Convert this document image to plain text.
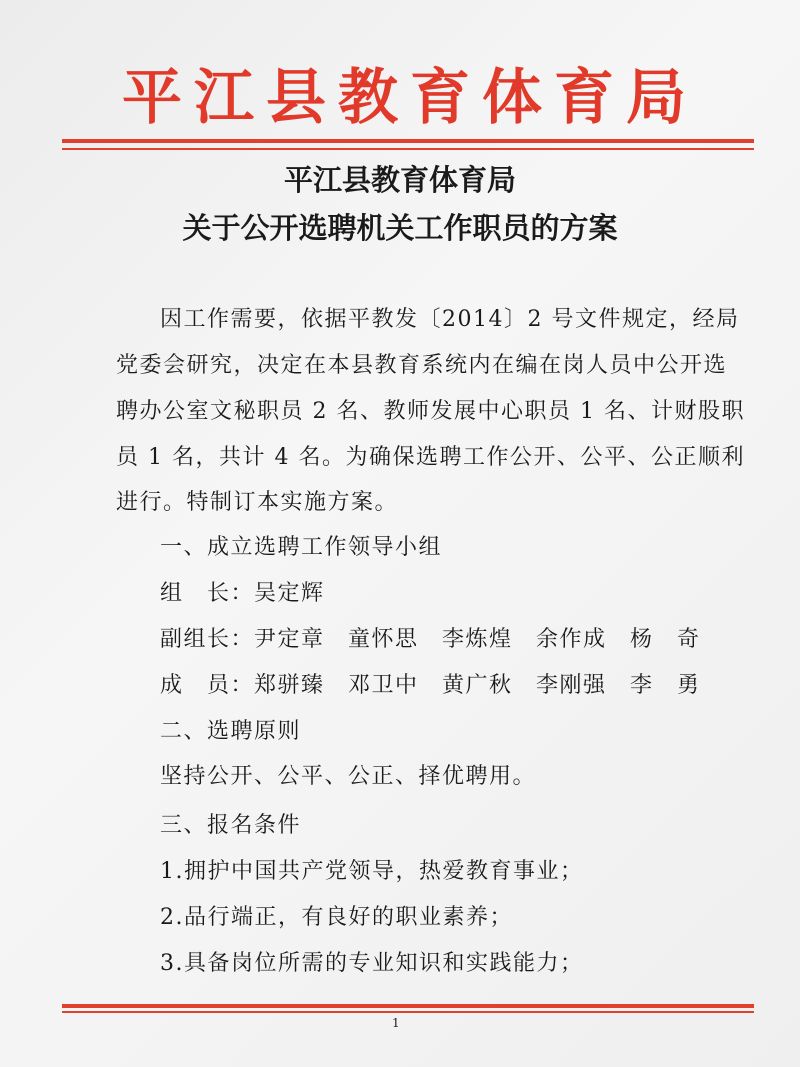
平江县教育体育局
平江县教育体育局
关于公开选聘机关工作职员的方案
因工作需要，依据平教发〔2014〕2 号文件规定，经局
党委会研究，决定在本县教育系统内在编在岗人员中公开选
聘办公室文秘职员 2 名、教师发展中心职员 1 名、计财股职
员 1 名，共计 4 名。为确保选聘工作公开、公平、公正顺利
进行。特制订本实施方案。
一、成立选聘工作领导小组
组　长：吴定辉
副组长：尹定章　童怀思　李炼煌　余作成　杨　奇
成　员：郑骈臻　邓卫中　黄广秋　李刚强　李　勇
二、选聘原则
坚持公开、公平、公正、择优聘用。
三、报名条件
1.拥护中国共产党领导，热爱教育事业；
2.品行端正，有良好的职业素养；
3.具备岗位所需的专业知识和实践能力；
1
